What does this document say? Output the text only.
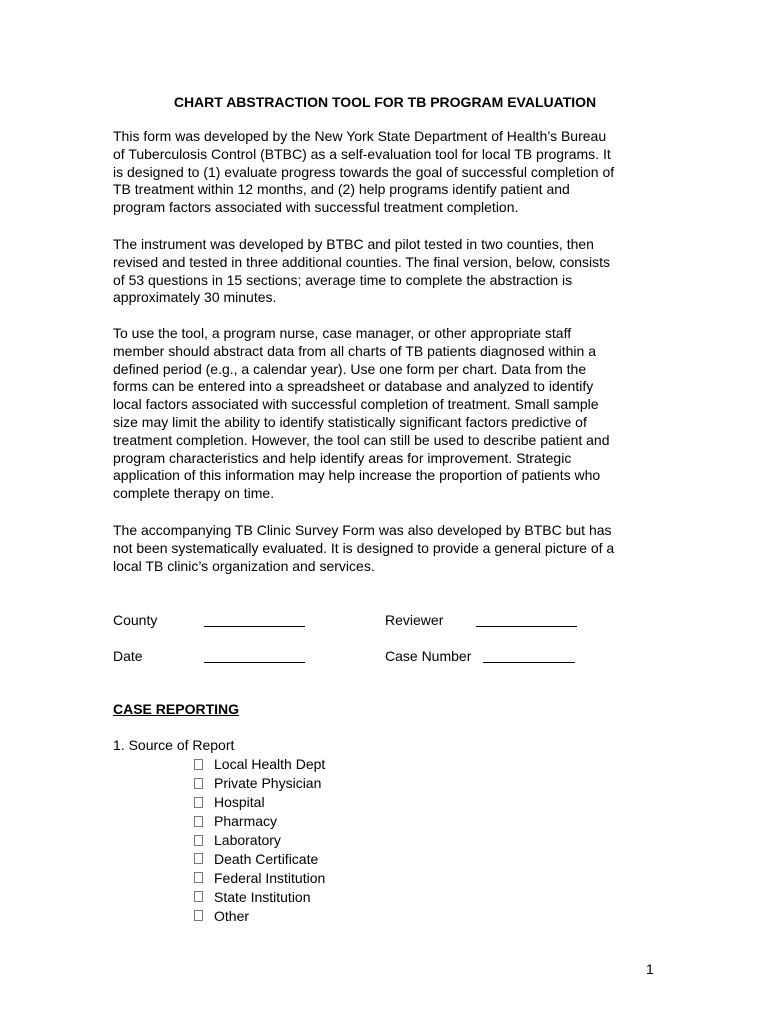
CHART ABSTRACTION TOOL FOR TB PROGRAM EVALUATION
This form was developed by the New York State Department of Health’s Bureau
of Tuberculosis Control (BTBC) as a self-evaluation tool for local TB programs. It
is designed to (1) evaluate progress towards the goal of successful completion of
TB treatment within 12 months, and (2) help programs identify patient and
program factors associated with successful treatment completion.
The instrument was developed by BTBC and pilot tested in two counties, then
revised and tested in three additional counties. The final version, below, consists
of 53 questions in 15 sections; average time to complete the abstraction is
approximately 30 minutes.
To use the tool, a program nurse, case manager, or other appropriate staff
member should abstract data from all charts of TB patients diagnosed within a
defined period (e.g., a calendar year). Use one form per chart. Data from the
forms can be entered into a spreadsheet or database and analyzed to identify
local factors associated with successful completion of treatment. Small sample
size may limit the ability to identify statistically significant factors predictive of
treatment completion. However, the tool can still be used to describe patient and
program characteristics and help identify areas for improvement. Strategic
application of this information may help increase the proportion of patients who
complete therapy on time.
The accompanying TB Clinic Survey Form was also developed by BTBC but has
not been systematically evaluated. It is designed to provide a general picture of a
local TB clinic’s organization and services.
County	Reviewer
Date	Case Number
CASE REPORTING
1. Source of Report
Local Health Dept
Private Physician
Hospital
Pharmacy
Laboratory
Death Certificate
Federal Institution
State Institution
Other
1
